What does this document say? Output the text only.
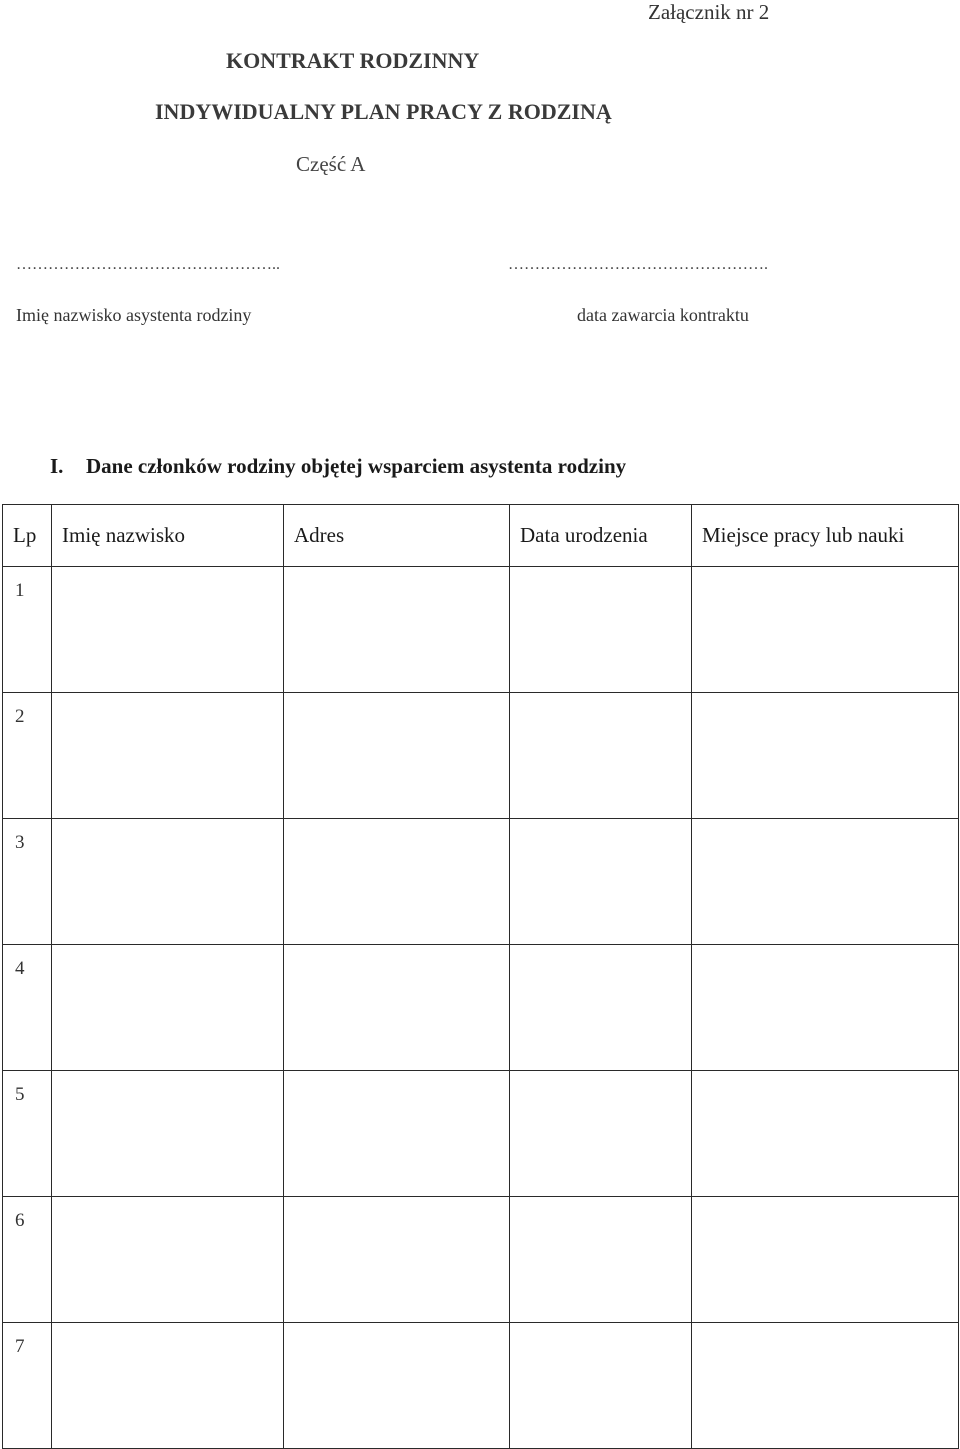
Załącznik nr 2
KONTRAKT RODZINNY
INDYWIDUALNY PLAN PRACY Z RODZINĄ
Część A
…………………………………………..	………………………………………….
Imię nazwisko asystenta rodziny	data zawarcia kontraktu
I. Dane członków rodziny objętej wsparciem asystenta rodziny
Lp	Imię nazwisko	Adres	Data urodzenia	Miejsce pracy lub nauki
1				
2				
3				
4				
5				
6				
7				
